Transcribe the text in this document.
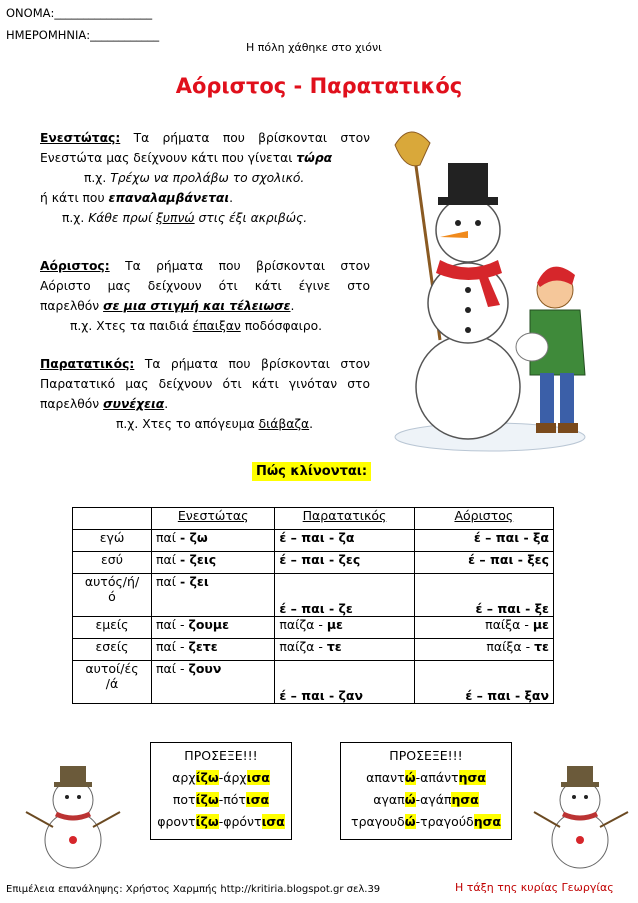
ΟΝΟΜΑ:_________________
ΗΜΕΡΟΜΗΝΙΑ:____________
Η πόλη χάθηκε στο χιόνι
Αόριστος - Παρατατικός

Ενεστώτας: Τα ρήματα που βρίσκονται στον

Ενεστώτα μας δείχνουν κάτι που γίνεται τώρα

π.χ. Τρέχω να προλάβω το σχολικό.

ή κάτι που επαναλαμβάνεται.

π.χ. Κάθε πρωί ξυπνώ στις έξι ακριβώς.

Αόριστος: Τα ρήματα που βρίσκονται στον

Αόριστο μας δείχνουν ότι κάτι έγινε στο

παρελθόν σε μια στιγμή και τέλειωσε.

π.χ. Χτες τα παιδιά έπαιξαν ποδόσφαιρο.

Παρατατικός: Τα ρήματα που βρίσκονται στον

Παρατατικό μας δείχνουν ότι κάτι γινόταν στο

παρελθόν συνέχεια.

π.χ. Χτες το απόγευμα διάβαζα.

Πώς κλίνονται:
	Ενεστώτας	Παρατατικός	Αόριστος
εγώ	παί - ζω	έ – παι - ζα	έ – παι - ξα
εσύ	παί - ζεις	έ – παι - ζες	έ – παι - ξες

αυτός/ή/
ό	παί - ζει	έ – παι - ζε	έ – παι - ξε
εμείς	παί - ζουμε	παίζα - με	παίξα - με
εσείς	παί - ζετε	παίζα - τε	παίξα - τε

αυτοί/ές
/ά	παί - ζουν	έ – παι - ζαν	έ – παι - ξαν
ΠΡΟΣΕΞΕ!!!
αρχίζω-άρχισα
ποτίζω-πότισα
φροντίζω-φρόντισα
ΠΡΟΣΕΞΕ!!!
απαντώ-απάντησα
αγαπώ-αγάπησα
τραγουδώ-τραγούδησα
Επιμέλεια επανάληψης: Χρήστος Χαρμπής http://kritiria.blogspot.gr σελ.39	Η τάξη της κυρίας Γεωργίας
